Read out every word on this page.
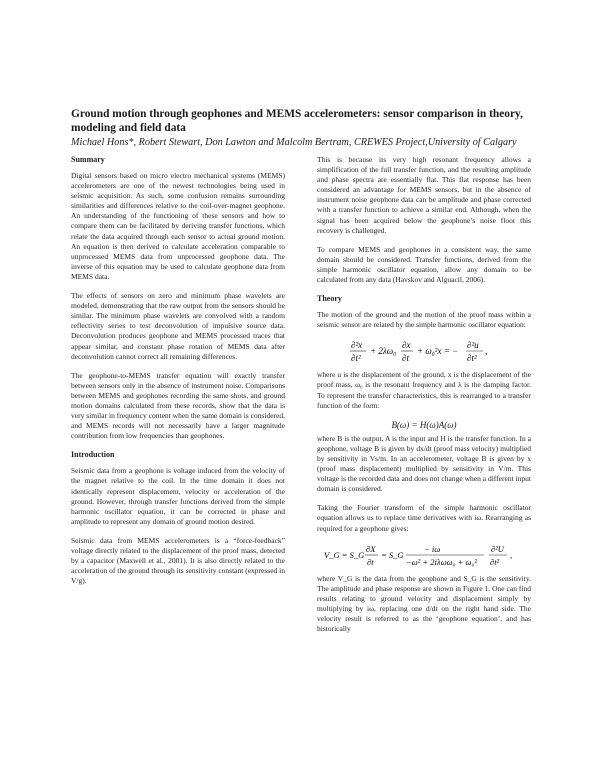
Ground motion through geophones and MEMS accelerometers: sensor comparison in theory, modeling and field data
Michael Hons*, Robert Stewart, Don Lawton and Malcolm Bertram, CREWES Project,University of Calgary
Summary

Digital sensors based on micro electro mechanical systems (MEMS) accelerometers are one of the newest technologies being used in seismic acquisition. As such, some confusion remains surrounding similarities and differences relative to the coil-over-magnet geophone. An understanding of the functioning of these sensors and how to compare them can be facilitated by deriving transfer functions, which relate the data acquired through each sensor to actual ground motion. An equation is then derived to calculate acceleration comparable to unprocessed MEMS data from unprocessed geophone data. The inverse of this equation may be used to calculate geophone data from MEMS data.

The effects of sensors on zero and minimum phase wavelets are modeled, demonstrating that the raw output from the sensors should be similar. The minimum phase wavelets are convolved with a random reflectivity series to test deconvolution of impulsive source data. Deconvolution produces geophone and MEMS processed traces that appear similar, and constant phase rotation of MEMS data after deconvolution cannot correct all remaining differences.

The geophone-to-MEMS transfer equation will exactly transfer between sensors only in the absence of instrument noise. Comparisons between MEMS and geophones recording the same shots, and ground motion domains calculated from these records, show that the data is very similar in frequency content when the same domain is considered, and MEMS records will not necessarily have a larger magnitude contribution from low frequencies than geophones.

Introduction

Seismic data from a geophone is voltage induced from the velocity of the magnet relative to the coil. In the time domain it does not identically represent displacement, velocity or acceleration of the ground. However, through transfer functions derived from the simple harmonic oscillator equation, it can be corrected in phase and amplitude to represent any domain of ground motion desired.

Seismic data from MEMS accelerometers is a “force-feedback” voltage directly related to the displacement of the proof mass, detected by a capacitor (Maxwell et al., 2001). It is also directly related to the acceleration of the ground through its sensitivity constant (expressed in V/g).

This is because its very high resonant frequency allows a simplification of the full transfer function, and the resulting amplitude and phase spectra are essentially flat. This flat response has been considered an advantage for MEMS sensors, but in the absence of instrument noise geophone data can be amplitude and phase corrected with a transfer function to achieve a similar end. Although, when the signal has been acquired below the geophone’s noise floor this recovery is challenged.

To compare MEMS and geophones in a consistent way, the same domain should be considered. Transfer functions, derived from the simple harmonic oscillator equation, allow any domain to be calculated from any data (Havskov and Alguacil, 2006).

Theory

The motion of the ground and the motion of the proof mass within a seismic sensor are related by the simple harmonic oscillator equation:

∂²x
∂t²
+ 2λω₀
∂x
∂t
+ ω₀²x = −
∂²u
∂t²
,

where u is the displacement of the ground, x is the displacement of the proof mass, ω₀ is the resonant frequency and λ is the damping factor. To represent the transfer characteristics, this is rearranged to a transfer function of the form:

B(ω) = H(ω)A(ω)

where B is the output, A is the input and H is the transfer function. In a geophone, voltage B is given by dx/dt (proof mass velocity) multiplied by sensitivity in Vs/m. In an accelerometer, voltage B is given by x (proof mass displacement) multiplied by sensitivity in V/m. This voltage is the recorded data and does not change when a different input domain is considered.

Taking the Fourier transform of the simple harmonic oscillator equation allows us to replace time derivatives with iω. Rearranging as required for a geophone gives:

V_G = S_G
∂X
∂t
= S_G
− iω
−ω² + 2iλωω₀ + ω₀²
∂²U
∂t²
,

where V_G is the data from the geophone and S_G is the sensitivity. The amplitude and phase response are shown in Figure 1. One can find results relating to ground velocity and displacement simply by multiplying by iω, replacing one d/dt on the right hand side. The velocity result is referred to as the ‘geophone equation’, and has historically
